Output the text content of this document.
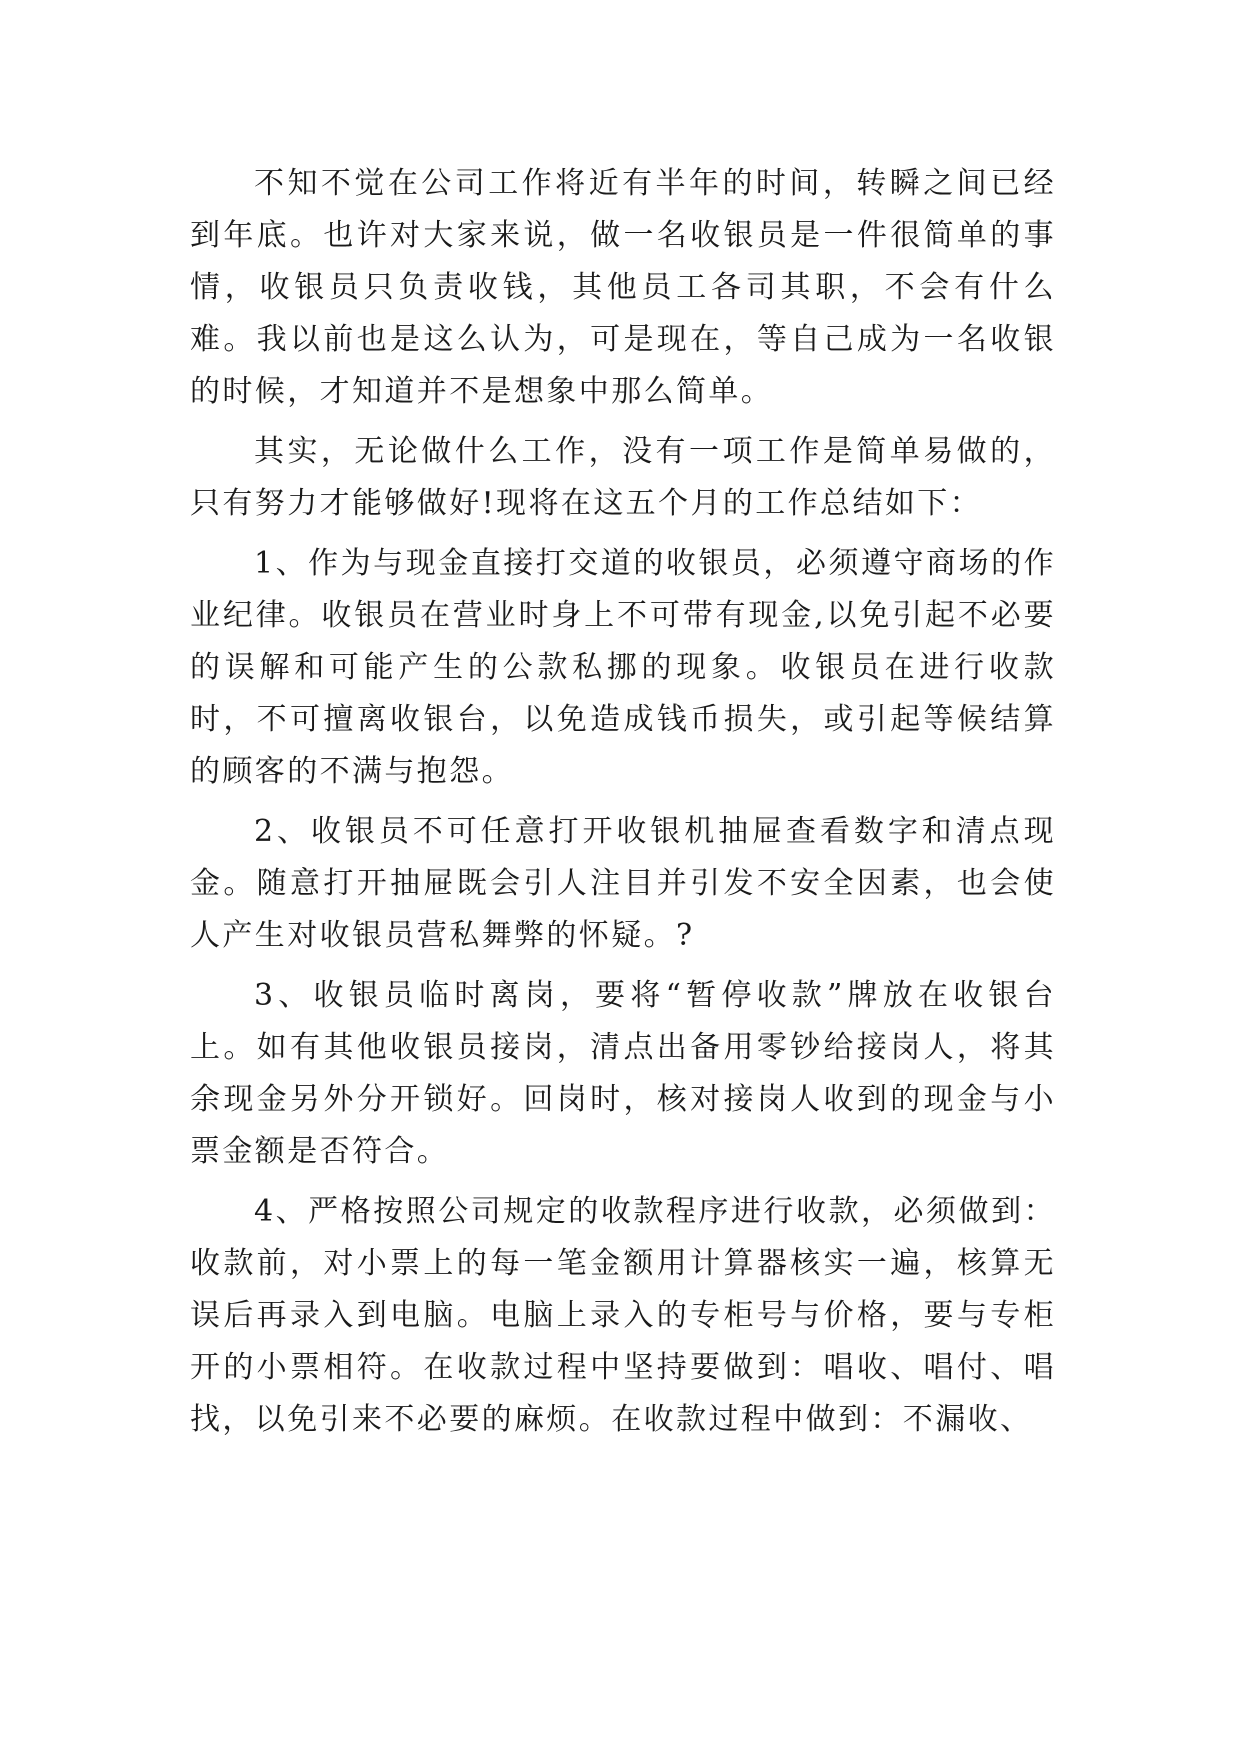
不知不觉在公司工作将近有半年的时间，转瞬之间已经到年底。也许对大家来说，做一名收银员是一件很简单的事情，收银员只负责收钱，其他员工各司其职，不会有什么难。我以前也是这么认为，可是现在，等自己成为一名收银的时候，才知道并不是想象中那么简单。

其实，无论做什么工作，没有一项工作是简单易做的，只有努力才能够做好!现将在这五个月的工作总结如下：

1、作为与现金直接打交道的收银员，必须遵守商场的作业纪律。收银员在营业时身上不可带有现金,以免引起不必要的误解和可能产生的公款私挪的现象。收银员在进行收款时，不可擅离收银台，以免造成钱币损失，或引起等候结算的顾客的不满与抱怨。

2、收银员不可任意打开收银机抽屉查看数字和清点现金。随意打开抽屉既会引人注目并引发不安全因素，也会使人产生对收银员营私舞弊的怀疑。?

3、收银员临时离岗，要将“暂停收款”牌放在收银台上。如有其他收银员接岗，清点出备用零钞给接岗人，将其余现金另外分开锁好。回岗时，核对接岗人收到的现金与小票金额是否符合。

4、严格按照公司规定的收款程序进行收款，必须做到：收款前，对小票上的每一笔金额用计算器核实一遍，核算无误后再录入到电脑。电脑上录入的专柜号与价格，要与专柜开的小票相符。在收款过程中坚持要做到：唱收、唱付、唱找，以免引来不必要的麻烦。在收款过程中做到：不漏收、
